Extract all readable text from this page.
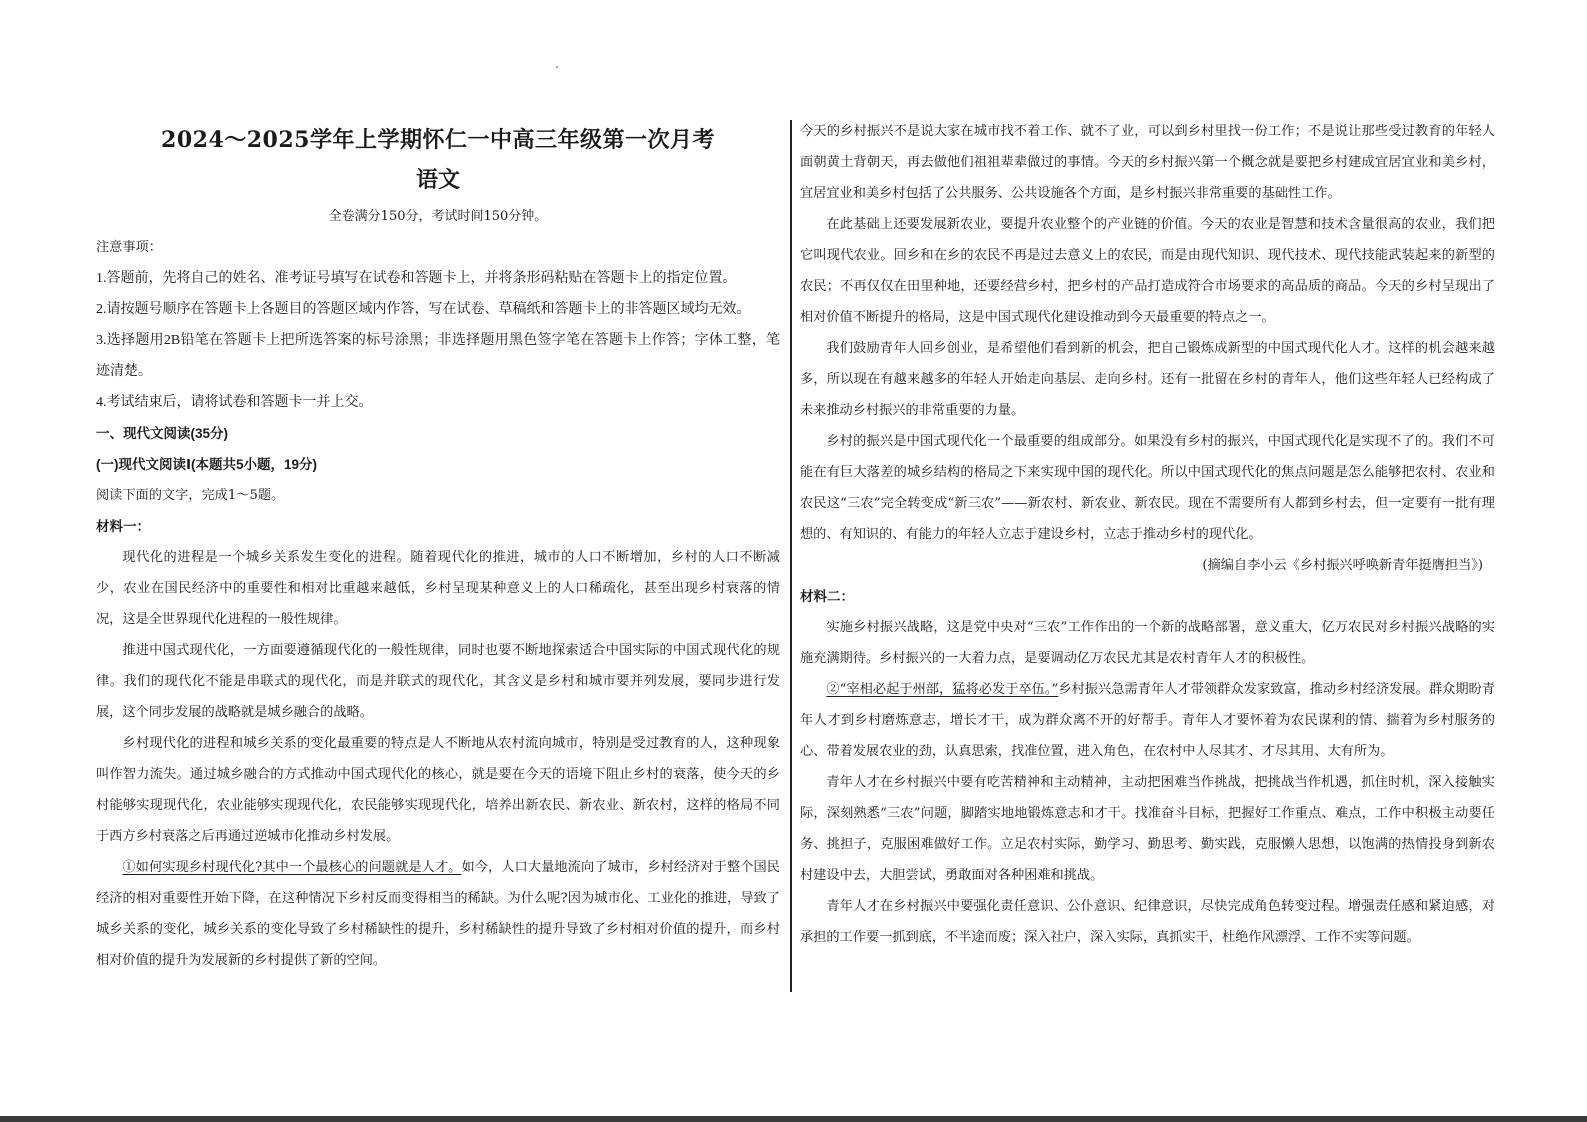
2024～2025学年上学期怀仁一中高三年级第一次月考
语文
全卷满分150分，考试时间150分钟。

注意事项：

1.答题前，先将自己的姓名、准考证号填写在试卷和答题卡上，并将条形码粘贴在答题卡上的指定位置。

2.请按题号顺序在答题卡上各题目的答题区域内作答，写在试卷、草稿纸和答题卡上的非答题区域均无效。

3.选择题用2B铅笔在答题卡上把所选答案的标号涂黑；非选择题用黑色签字笔在答题卡上作答；字体工整，笔迹清楚。

4.考试结束后，请将试卷和答题卡一并上交。

一、现代文阅读(35分)

(一)现代文阅读Ⅰ(本题共5小题，19分)

阅读下面的文字，完成1～5题。

材料一：

现代化的进程是一个城乡关系发生变化的进程。随着现代化的推进，城市的人口不断增加，乡村的人口不断减少，农业在国民经济中的重要性和相对比重越来越低，乡村呈现某种意义上的人口稀疏化，甚至出现乡村衰落的情况，这是全世界现代化进程的一般性规律。

推进中国式现代化，一方面要遵循现代化的一般性规律，同时也要不断地探索适合中国实际的中国式现代化的规律。我们的现代化不能是串联式的现代化，而是并联式的现代化，其含义是乡村和城市要并列发展，要同步进行发展，这个同步发展的战略就是城乡融合的战略。

乡村现代化的进程和城乡关系的变化最重要的特点是人不断地从农村流向城市，特别是受过教育的人，这种现象叫作智力流失。通过城乡融合的方式推动中国式现代化的核心，就是要在今天的语境下阻止乡村的衰落，使今天的乡村能够实现现代化，农业能够实现现代化，农民能够实现现代化，培养出新农民、新农业、新农村，这样的格局不同于西方乡村衰落之后再通过逆城市化推动乡村发展。

①如何实现乡村现代化?其中一个最核心的问题就是人才。如今，人口大量地流向了城市，乡村经济对于整个国民经济的相对重要性开始下降，在这种情况下乡村反而变得相当的稀缺。为什么呢?因为城市化、工业化的推进，导致了城乡关系的变化，城乡关系的变化导致了乡村稀缺性的提升，乡村稀缺性的提升导致了乡村相对价值的提升，而乡村相对价值的提升为发展新的乡村提供了新的空间。

今天的乡村振兴不是说大家在城市找不着工作、就不了业，可以到乡村里找一份工作；不是说让那些受过教育的年轻人面朝黄土背朝天，再去做他们祖祖辈辈做过的事情。今天的乡村振兴第一个概念就是要把乡村建成宜居宜业和美乡村，宜居宜业和美乡村包括了公共服务、公共设施各个方面，是乡村振兴非常重要的基础性工作。

在此基础上还要发展新农业，要提升农业整个的产业链的价值。今天的农业是智慧和技术含量很高的农业，我们把它叫现代农业。回乡和在乡的农民不再是过去意义上的农民，而是由现代知识、现代技术、现代技能武装起来的新型的农民；不再仅仅在田里种地，还要经营乡村，把乡村的产品打造成符合市场要求的高品质的商品。今天的乡村呈现出了相对价值不断提升的格局，这是中国式现代化建设推动到今天最重要的特点之一。

我们鼓励青年人回乡创业，是希望他们看到新的机会，把自己锻炼成新型的中国式现代化人才。这样的机会越来越多，所以现在有越来越多的年轻人开始走向基层、走向乡村。还有一批留在乡村的青年人，他们这些年轻人已经构成了未来推动乡村振兴的非常重要的力量。

乡村的振兴是中国式现代化一个最重要的组成部分。如果没有乡村的振兴，中国式现代化是实现不了的。我们不可能在有巨大落差的城乡结构的格局之下来实现中国的现代化。所以中国式现代化的焦点问题是怎么能够把农村、农业和农民这“三农”完全转变成“新三农”——新农村、新农业、新农民。现在不需要所有人都到乡村去，但一定要有一批有理想的、有知识的、有能力的年轻人立志于建设乡村，立志于推动乡村的现代化。

(摘编自李小云《乡村振兴呼唤新青年挺膺担当》)

材料二：

实施乡村振兴战略，这是党中央对“三农”工作作出的一个新的战略部署，意义重大，亿万农民对乡村振兴战略的实施充满期待。乡村振兴的一大着力点，是要调动亿万农民尤其是农村青年人才的积极性。

②“宰相必起于州部，猛将必发于卒伍。”乡村振兴急需青年人才带领群众发家致富，推动乡村经济发展。群众期盼青年人才到乡村磨炼意志，增长才干，成为群众离不开的好帮手。青年人才要怀着为农民谋利的情、揣着为乡村服务的心、带着发展农业的劲，认真思索，找准位置，进入角色，在农村中人尽其才、才尽其用、大有所为。

青年人才在乡村振兴中要有吃苦精神和主动精神，主动把困难当作挑战，把挑战当作机遇，抓住时机，深入接触实际，深刻熟悉“三农”问题，脚踏实地地锻炼意志和才干。找准奋斗目标，把握好工作重点、难点，工作中积极主动要任务、挑担子，克服困难做好工作。立足农村实际，勤学习、勤思考、勤实践，克服懒人思想，以饱满的热情投身到新农村建设中去，大胆尝试，勇敢面对各种困难和挑战。

青年人才在乡村振兴中要强化责任意识、公仆意识、纪律意识，尽快完成角色转变过程。增强责任感和紧迫感，对承担的工作要一抓到底，不半途而废；深入社户，深入实际，真抓实干，杜绝作风漂浮、工作不实等问题。
